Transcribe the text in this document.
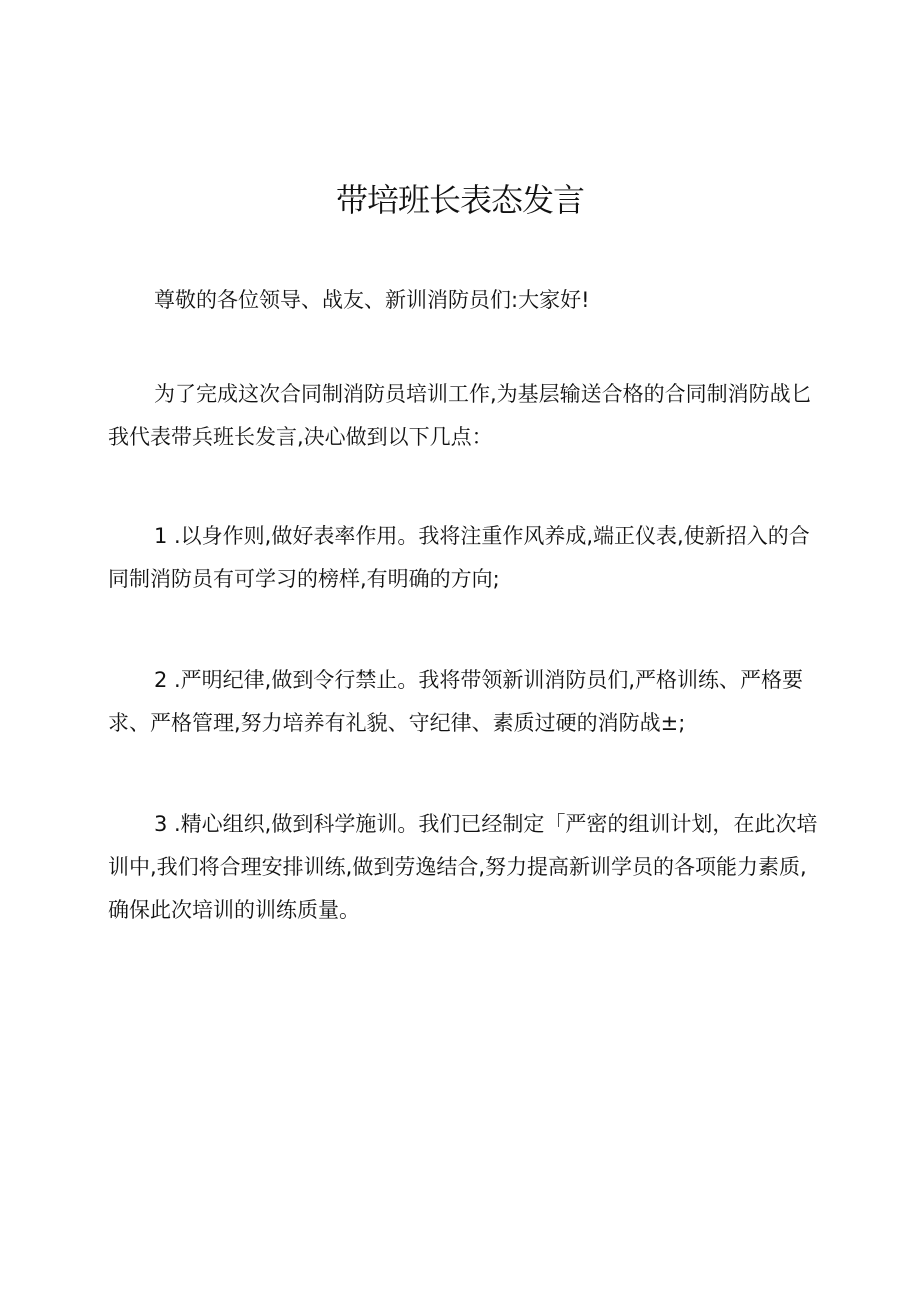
带培班长表态发言

尊敬的各位领导、战友、新训消防员们:大家好!

为了完成这次合同制消防员培训工作,为基层输送合格的合同制消防战匕我代表带兵班长发言,决心做到以下几点：

1 .以身作则,做好表率作用。我将注重作风养成,端正仪表,使新招入的合同制消防员有可学习的榜样,有明确的方向;

2 .严明纪律,做到令行禁止。我将带领新训消防员们,严格训练、严格要求、严格管理,努力培养有礼貌、守纪律、素质过硬的消防战±;

3 .精心组织,做到科学施训。我们已经制定「严密的组训计划，在此次培训中,我们将合理安排训练,做到劳逸结合,努力提高新训学员的各项能力素质,确保此次培训的训练质量。
